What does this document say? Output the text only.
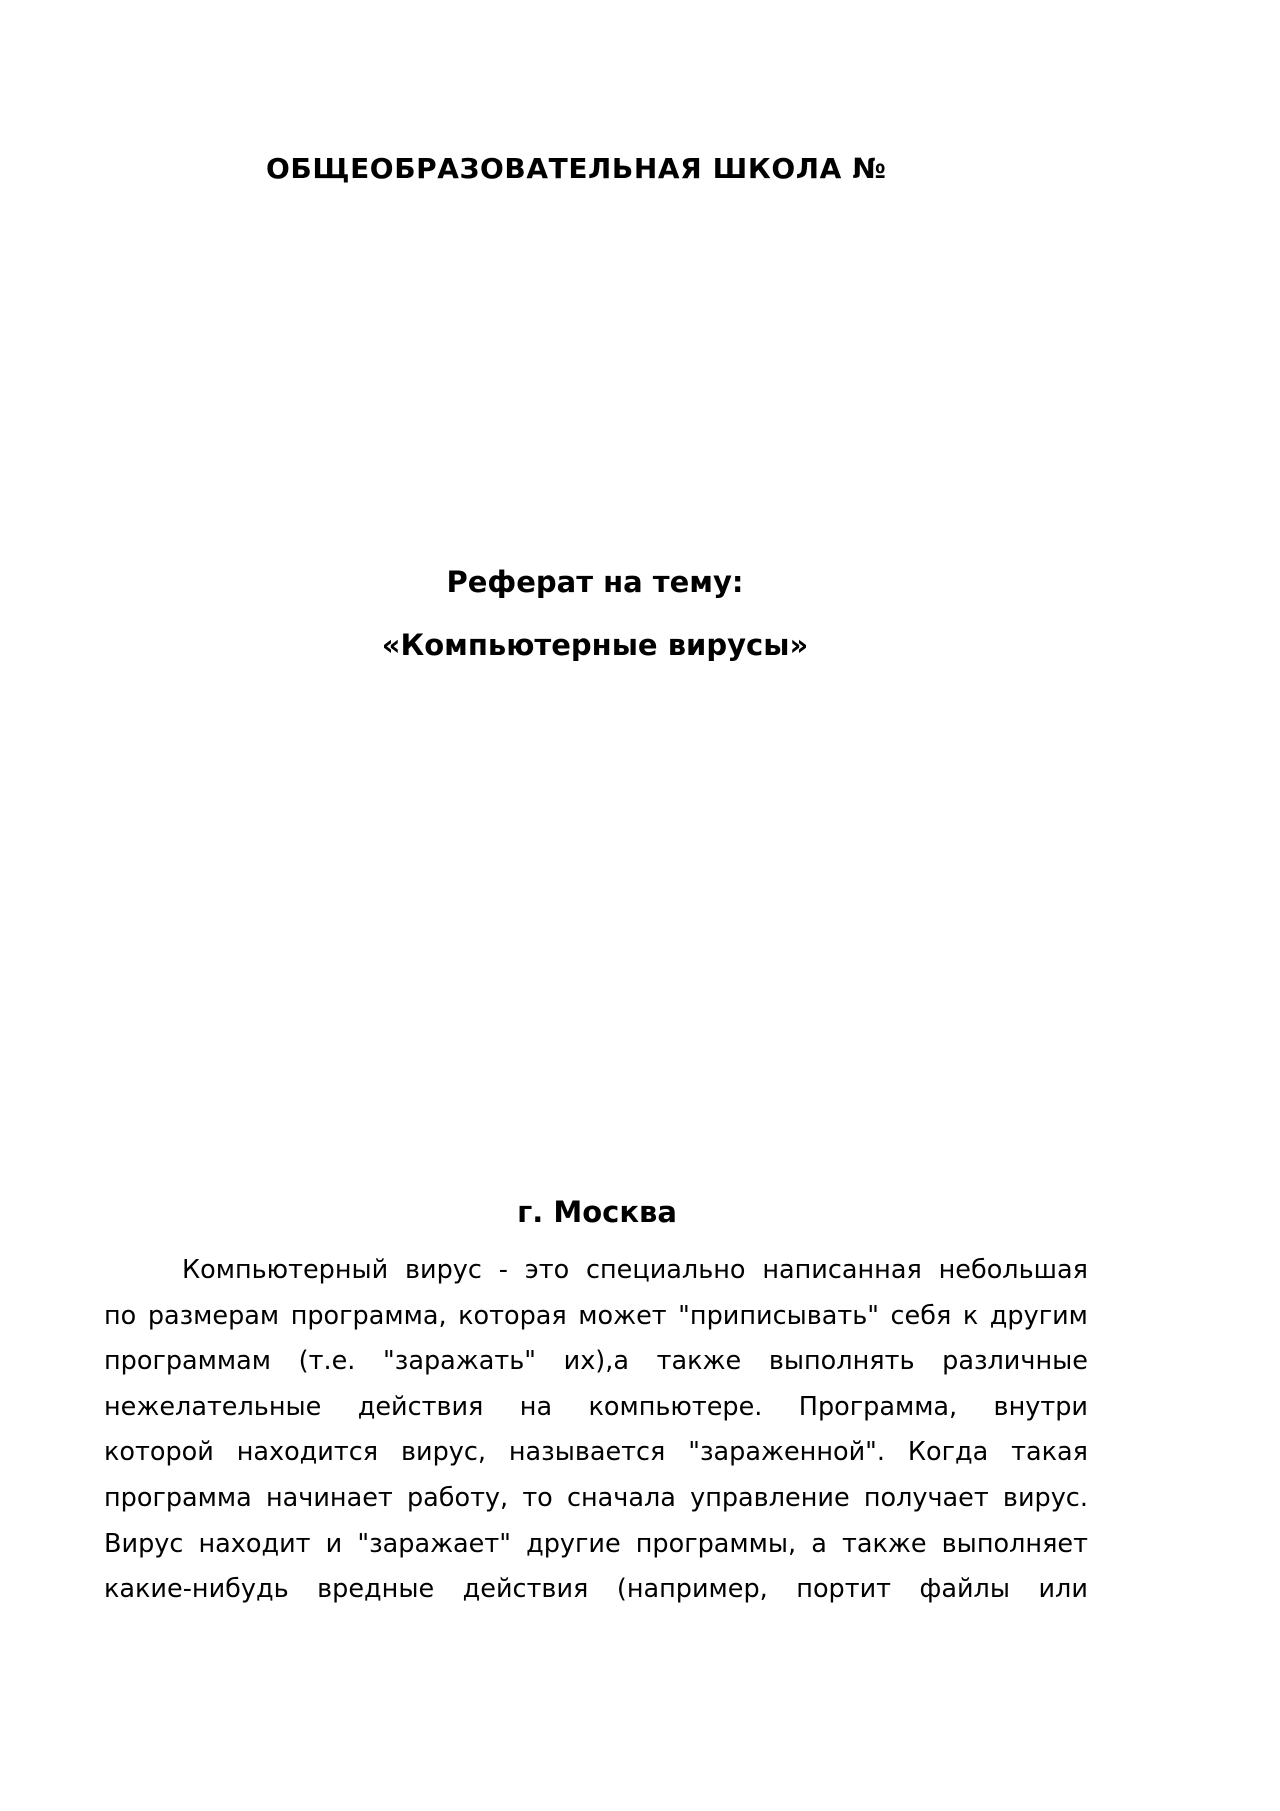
ОБЩЕОБРАЗОВАТЕЛЬНАЯ ШКОЛА №
Реферат на тему:
«Компьютерные вирусы»
г. Москва
Компьютерный вирус - это специально написанная небольшая
по размерам программа, которая может "приписывать" себя к другим
программам (т.е. "заражать" их),а также выполнять различные
нежелательные действия на компьютере. Программа, внутри
которой находится вирус, называется "зараженной". Когда такая
программа начинает работу, то сначала управление получает вирус.
Вирус находит и "заражает" другие программы, а также выполняет
какие-нибудь вредные действия (например, портит файлы или
